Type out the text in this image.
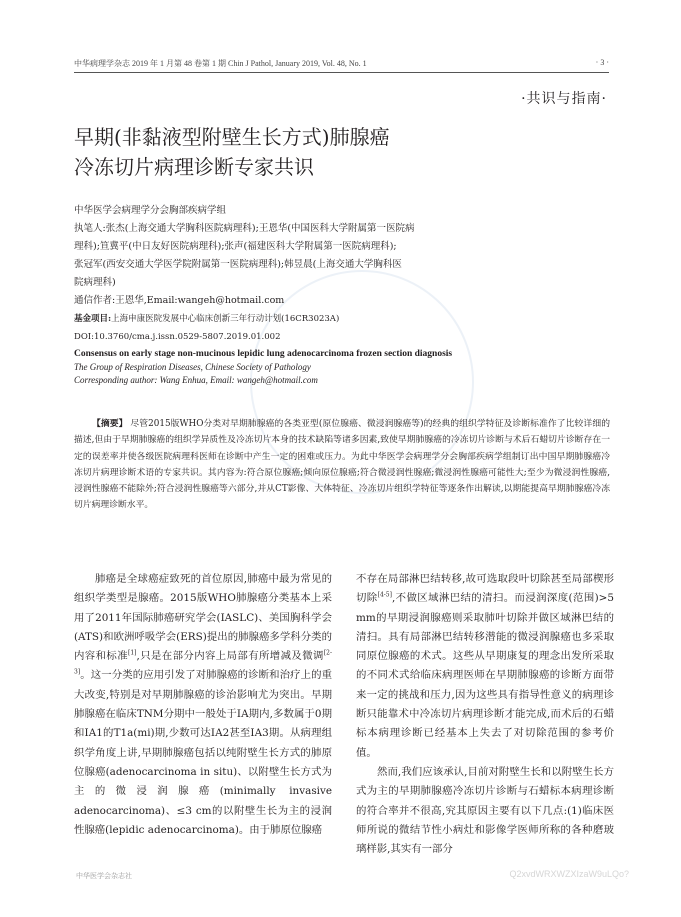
中华病理学杂志 2019 年 1 月第 48 卷第 1 期 Chin J Pathol, January 2019, Vol. 48, No. 1	· 3 ·
·共识与指南·
早期(非黏液型附壁生长方式)肺腺癌
冷冻切片病理诊断专家共识

中华医学会病理学分会胸部疾病学组

执笔人:张杰(上海交通大学胸科医院病理科);王恩华(中国医科大学附属第一医院病

理科);笪冀平(中日友好医院病理科);张声(福建医科大学附属第一医院病理科);

张冠军(西安交通大学医学院附属第一医院病理科);韩昱晨(上海交通大学胸科医

院病理科)

通信作者:王恩华,Email:wangeh@hotmail.com

基金项目:上海申康医院发展中心临床创新三年行动计划(16CR3023A)

DOI:10.3760/cma.j.issn.0529-5807.2019.01.002

Consensus on early stage non-mucinous lepidic lung adenocarcinoma frozen section diagnosis

The Group of Respiration Diseases, Chinese Society of Pathology

Corresponding author: Wang Enhua, Email: wangeh@hotmail.com

【摘要】 尽管2015版WHO分类对早期肺腺癌的各类亚型(原位腺癌、微浸润腺癌等)的经典的组织学特征及诊断标准作了比较详细的描述,但由于早期肺腺癌的组织学异质性及冷冻切片本身的技术缺陷等诸多因素,致使早期肺腺癌的冷冻切片诊断与术后石蜡切片诊断存在一定的误差率并使各级医院病理科医师在诊断中产生一定的困难或压力。为此中华医学会病理学分会胸部疾病学组制订出中国早期肺腺癌冷冻切片病理诊断术语的专家共识。其内容为:符合原位腺癌;倾向原位腺癌;符合微浸润性腺癌;微浸润性腺癌可能性大;至少为微浸润性腺癌,浸润性腺癌不能除外;符合浸润性腺癌等六部分,并从CT影像、大体特征、冷冻切片组织学特征等逐条作出解读,以期能提高早期肺腺癌冷冻切片病理诊断水平。

肺癌是全球癌症致死的首位原因,肺癌中最为常见的组织学类型是腺癌。2015版WHO肺腺癌分类基本上采用了2011年国际肺癌研究学会(IASLC)、美国胸科学会(ATS)和欧洲呼吸学会(ERS)提出的肺腺癌多学科分类的内容和标准[1],只是在部分内容上局部有所增减及微调[2-3]。这一分类的应用引发了对肺腺癌的诊断和治疗上的重大改变,特别是对早期肺腺癌的诊治影响尤为突出。早期肺腺癌在临床TNM分期中一般处于ⅠA期内,多数属于0期和ⅠA1的T1a(mi)期,少数可达ⅠA2甚至ⅠA3期。从病理组织学角度上讲,早期肺腺癌包括以纯附壁生长方式的肺原位腺癌(adenocarcinoma in situ)、以附壁生长方式为主的微浸润腺癌(minimally invasive adenocarcinoma)、≤3 cm的以附壁生长为主的浸润性腺癌(lepidic adenocarcinoma)。由于肺原位腺癌

不存在局部淋巴结转移,故可选取段叶切除甚至局部楔形切除[4-5],不做区域淋巴结的清扫。而浸润深度(范围)>5 mm的早期浸润腺癌则采取肺叶切除并做区域淋巴结的清扫。具有局部淋巴结转移潜能的微浸润腺癌也多采取同原位腺癌的术式。这些从早期康复的理念出发所采取的不同术式给临床病理医师在早期肺腺癌的诊断方面带来一定的挑战和压力,因为这些具有指导性意义的病理诊断只能靠术中冷冻切片病理诊断才能完成,而术后的石蜡标本病理诊断已经基本上失去了对切除范围的参考价值。

然而,我们应该承认,目前对附壁生长和以附壁生长方式为主的早期肺腺癌冷冻切片诊断与石蜡标本病理诊断的符合率并不很高,究其原因主要有以下几点:(1)临床医师所说的微结节性小病灶和影像学医师所称的各种磨玻璃样影,其实有一部分

中华医学会杂志社	Q2xvdWRXWZXIzaW9uLQo?
